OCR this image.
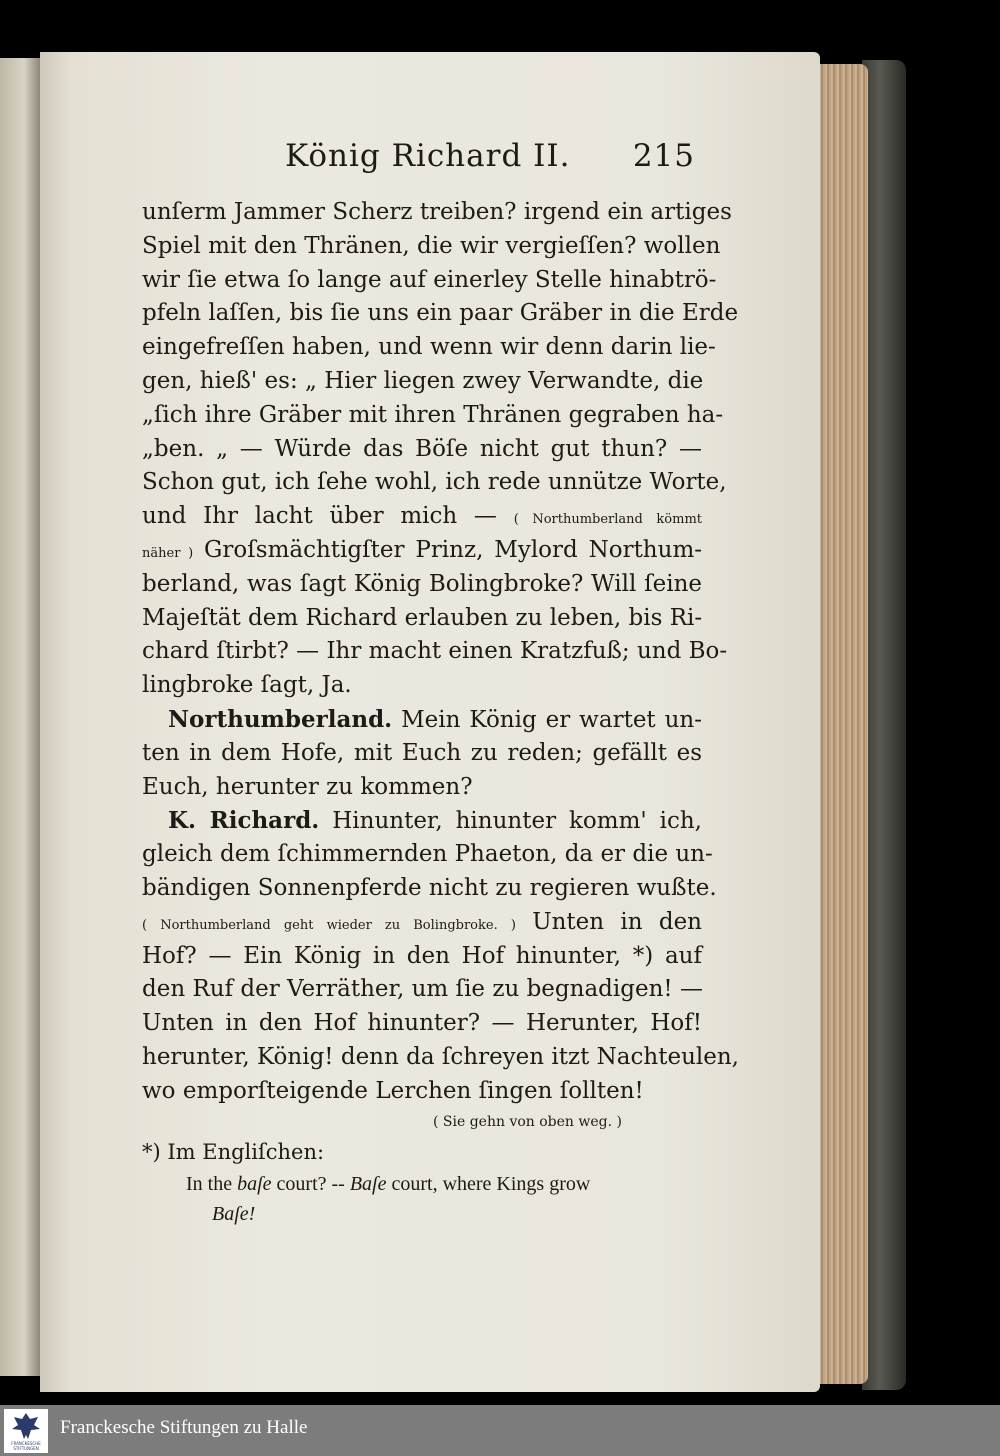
König Richard II. 215
unſerm Jammer Scherz treiben? irgend ein artiges
Spiel mit den Thränen, die wir vergieſſen? wollen
wir ſie etwa ſo lange auf einerley Stelle hinabtrö-
pfeln laſſen, bis ſie uns ein paar Gräber in die Erde
eingefreſſen haben, und wenn wir denn darin lie-
gen, hieß' es: „ Hier liegen zwey Verwandte, die
„ſich ihre Gräber mit ihren Thränen gegraben ha-
„ben. „ — Würde das Böſe nicht gut thun? —
Schon gut, ich ſehe wohl, ich rede unnütze Worte,
und Ihr lacht über mich — ( Northumberland kömmt
näher ) Groſsmächtigſter Prinz, Mylord Northum-
berland, was ſagt König Bolingbroke? Will ſeine
Majeſtät dem Richard erlauben zu leben, bis Ri-
chard ſtirbt? — Ihr macht einen Kratzfuß; und Bo-
lingbroke ſagt, Ja.
Northumberland. Mein König er wartet un-
ten in dem Hofe, mit Euch zu reden; gefällt es
Euch, herunter zu kommen?
K. Richard. Hinunter, hinunter komm' ich,
gleich dem ſchimmernden Phaeton, da er die un-
bändigen Sonnenpferde nicht zu regieren wußte.
( Northumberland geht wieder zu Bolingbroke. ) Unten in den
Hof? — Ein König in den Hof hinunter, *) auf
den Ruf der Verräther, um ſie zu begnadigen! —
Unten in den Hof hinunter? — Herunter, Hof!
herunter, König! denn da ſchreyen itzt Nachteulen,
wo emporſteigende Lerchen ſingen ſollten!
( Sie gehn von oben weg. )
*) Im Engliſchen:
In the baſe court? -- Baſe court, where Kings grow
Baſe!
FRANCKESCHE
STIFTUNGEN
Franckesche Stiftungen zu Halle
